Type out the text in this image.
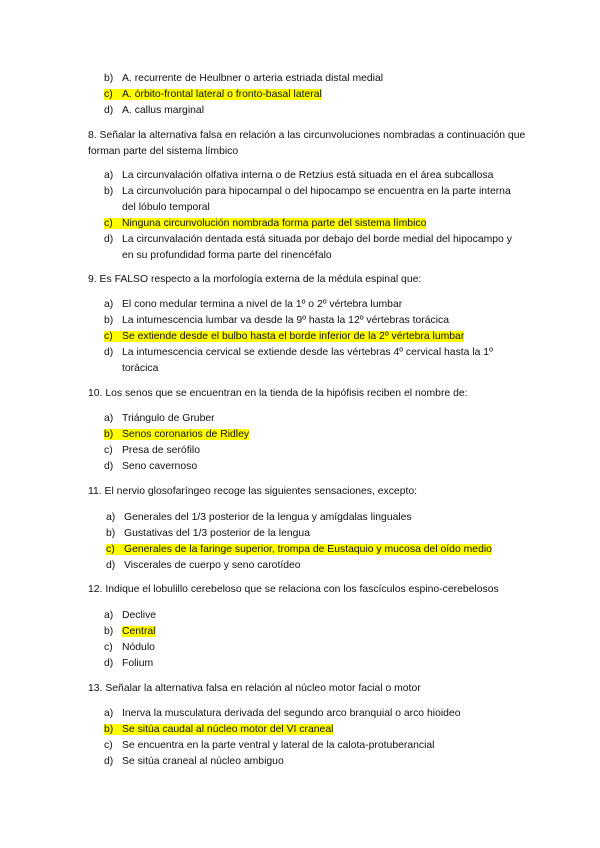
b) A. recurrente de Heulbner o arteria estriada distal medial
c) A. órbito-frontal lateral o fronto-basal lateral
d) A. callus marginal
8. Señalar la alternativa falsa en relación a las circunvoluciones nombradas a continuación que forman parte del sistema límbico
a) La circunvalación olfativa interna o de Retzius está situada en el área subcallosa
b) La circunvolución para hipocampal o del hipocampo se encuentra en la parte interna
del lóbulo temporal
c) Ninguna circunvolución nombrada forma parte del sistema límbico
d) La circunvalación dentada está situada por debajo del borde medial del hipocampo y
en su profundidad forma parte del rinencéfalo
9. Es FALSO respecto a la morfología externa de la médula espinal que:
a) El cono medular termina a nivel de la 1º o 2º vértebra lumbar
b) La intumescencia lumbar va desde la 9º hasta la 12º vértebras torácica
c) Se extiende desde el bulbo hasta el borde inferior de la 2º vértebra lumbar
d) La intumescencia cervical se extiende desde las vértebras 4º cervical hasta la 1º
torácica
10. Los senos que se encuentran en la tienda de la hipófisis reciben el nombre de:
a) Triángulo de Gruber
b) Senos coronarios de Ridley
c) Presa de serófilo
d) Seno cavernoso
11. El nervio glosofaríngeo recoge las siguientes sensaciones, excepto:
a) Generales del 1/3 posterior de la lengua y amígdalas linguales
b) Gustativas del 1/3 posterior de la lengua
c) Generales de la faringe superior, trompa de Eustaquio y mucosa del oído medio
d) Viscerales de cuerpo y seno carotídeo
12. Indique el lobulillo cerebeloso que se relaciona con los fascículos espino-cerebelosos
a) Declive
b) Central
c) Nódulo
d) Folium
13. Señalar la alternativa falsa en relación al núcleo motor facial o motor
a) Inerva la musculatura derivada del segundo arco branquial o arco hioideo
b) Se sitúa caudal al núcleo motor del VI craneal
c) Se encuentra en la parte ventral y lateral de la calota-protuberancial
d) Se sitúa craneal al núcleo ambiguo
